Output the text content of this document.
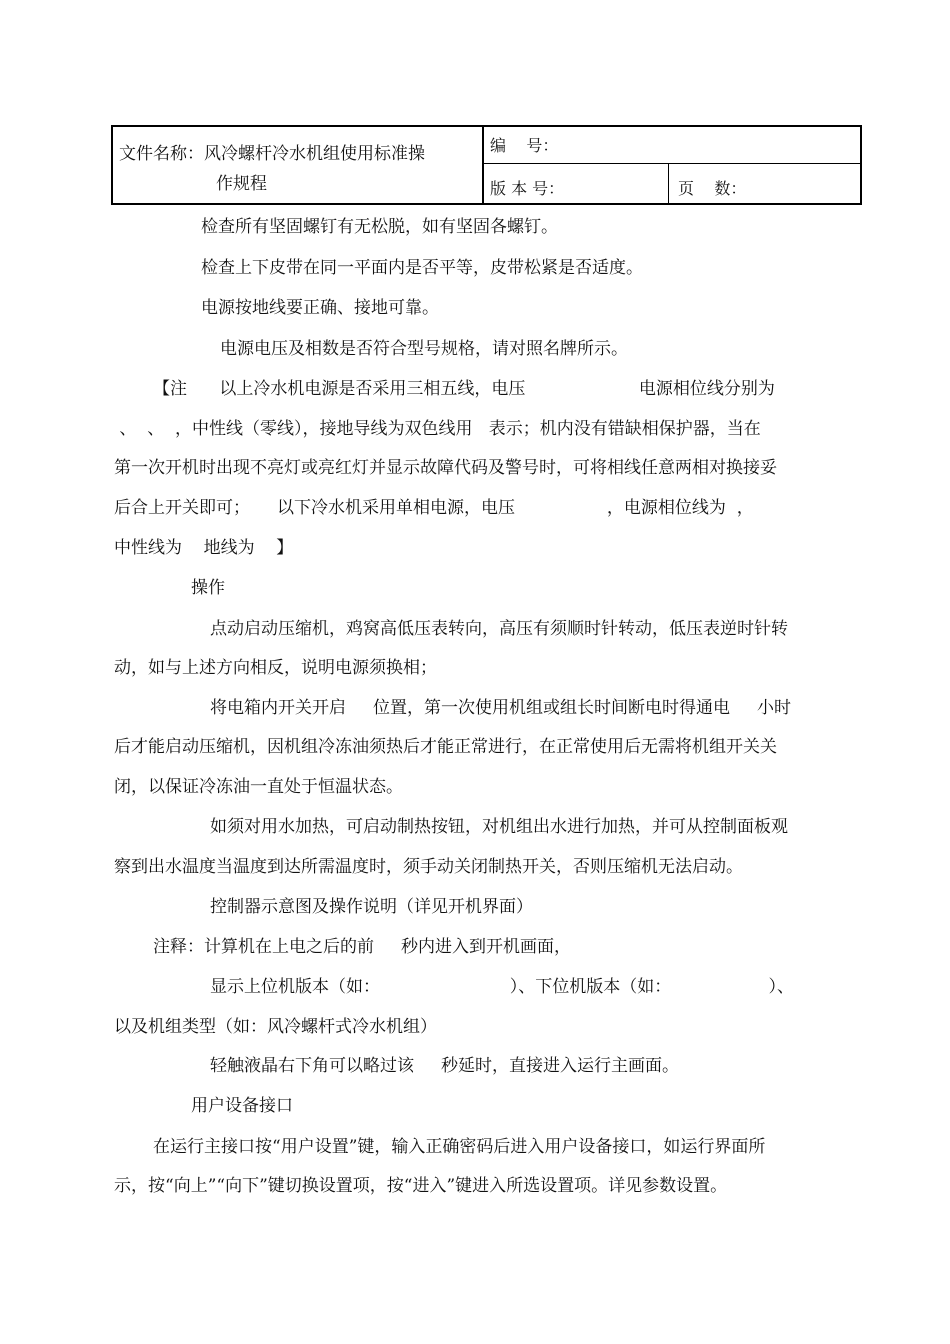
文件名称：风冷螺杆冷水机组使用标准操
作规程
编    号：
版 本 号：	页    数：
检查所有坚固螺钉有无松脱，如有坚固各螺钉。
检查上下皮带在同一平面内是否平等，皮带松紧是否适度。
电源按地线要正确、接地可靠。
电源电压及相数是否符合型号规格，请对照名牌所示。
【注      以上冷水机电源是否采用三相五线，电压                     电源相位线分别为
、  、  ，中性线（零线），接地导线为双色线用   表示；机内没有错缺相保护器，当在
第一次开机时出现不亮灯或亮红灯并显示故障代码及警号时，可将相线任意两相对换接妥
后合上开关即可；     以下冷水机采用单相电源，电压                 ，电源相位线为  ，
中性线为    地线为    】
操作
点动启动压缩机，鸡窝高低压表转向，高压有须顺时针转动，低压表逆时针转
动，如与上述方向相反，说明电源须换相；
将电箱内开关开启     位置，第一次使用机组或组长时间断电时得通电     小时
后才能启动压缩机，因机组冷冻油须热后才能正常进行，在正常使用后无需将机组开关关
闭，以保证冷冻油一直处于恒温状态。
如须对用水加热，可启动制热按钮，对机组出水进行加热，并可从控制面板观
察到出水温度当温度到达所需温度时，须手动关闭制热开关，否则压缩机无法启动。
控制器示意图及操作说明（详见开机界面）
注释：计算机在上电之后的前     秒内进入到开机画面，
显示上位机版本（如：                        ）、下位机版本（如：                  ）、
以及机组类型（如：风冷螺杆式冷水机组）
轻触液晶右下角可以略过该     秒延时，直接进入运行主画面。
用户设备接口
在运行主接口按“用户设置”键，输入正确密码后进入用户设备接口，如运行界面所
示，按“向上”“向下”键切换设置项，按“进入”键进入所选设置项。详见参数设置。
